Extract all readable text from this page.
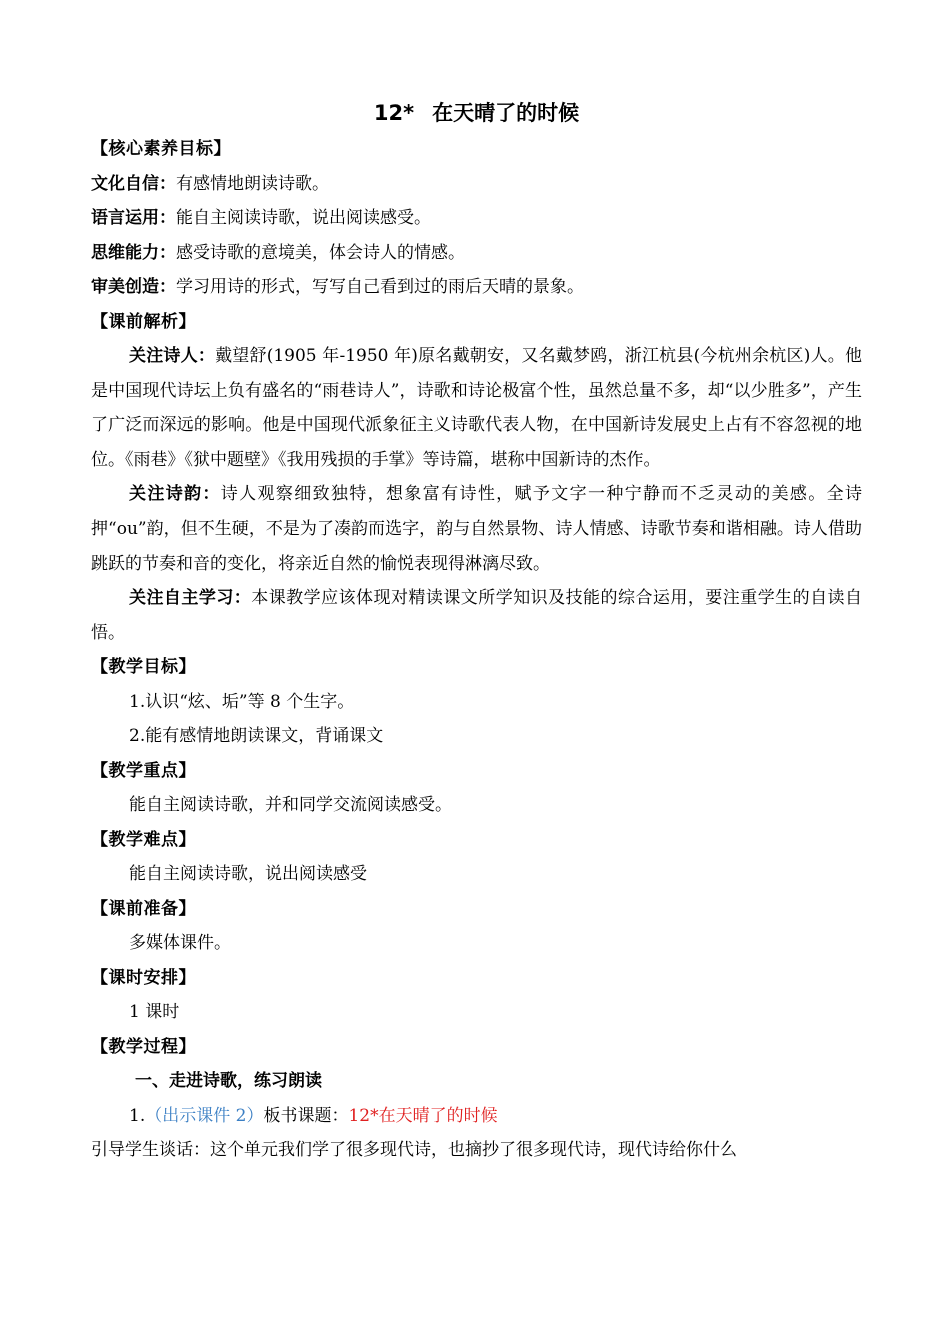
12* 在天晴了的时候
【核心素养目标】
文化自信：有感情地朗读诗歌。
语言运用：能自主阅读诗歌，说出阅读感受。
思维能力：感受诗歌的意境美，体会诗人的情感。
审美创造：学习用诗的形式，写写自己看到过的雨后天晴的景象。
【课前解析】

关注诗人：戴望舒(1905 年-1950 年)原名戴朝安，又名戴梦鸥，浙江杭县(今杭州余杭区)人。他是中国现代诗坛上负有盛名的“雨巷诗人”，诗歌和诗论极富个性，虽然总量不多，却“以少胜多”，产生了广泛而深远的影响。他是中国现代派象征主义诗歌代表人物，在中国新诗发展史上占有不容忽视的地位。《雨巷》《狱中题壁》《我用残损的手掌》等诗篇，堪称中国新诗的杰作。

关注诗韵：诗人观察细致独特，想象富有诗性，赋予文字一种宁静而不乏灵动的美感。全诗押“ou”韵，但不生硬，不是为了凑韵而选字，韵与自然景物、诗人情感、诗歌节奏和谐相融。诗人借助跳跃的节奏和音的变化，将亲近自然的愉悦表现得淋漓尽致。

关注自主学习：本课教学应该体现对精读课文所学知识及技能的综合运用，要注重学生的自读自悟。

【教学目标】
1.认识“炫、垢”等 8 个生字。
2.能有感情地朗读课文，背诵课文
【教学重点】
能自主阅读诗歌，并和同学交流阅读感受。
【教学难点】
能自主阅读诗歌，说出阅读感受
【课前准备】
多媒体课件。
【课时安排】
1 课时
【教学过程】
一、走进诗歌，练习朗读
1.（出示课件 2）板书课题：12*在天晴了的时候
引导学生谈话：这个单元我们学了很多现代诗，也摘抄了很多现代诗，现代诗给你什么
